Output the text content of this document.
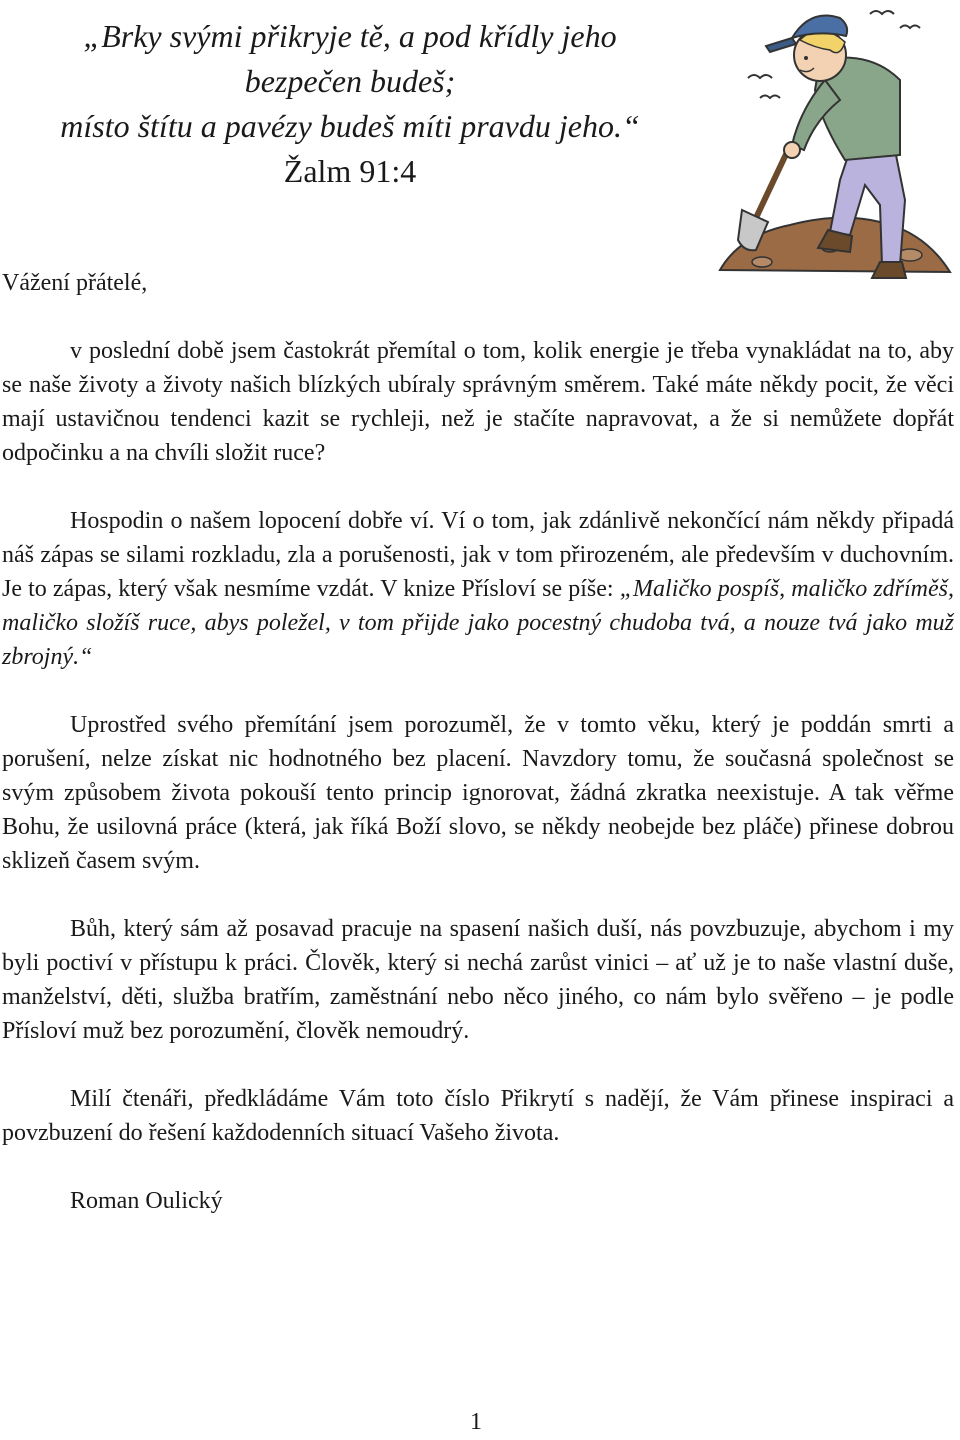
„Brky svými přikryje tě, a pod křídly jeho
bezpečen budeš;
místo štítu a pavézy budeš míti pravdu jeho.“
Žalm 91:4
Vážení přátelé,

v poslední době jsem častokrát přemítal o tom, kolik energie je třeba vynakládat na to, aby se naše životy a životy našich blízkých ubíraly správným směrem. Také máte někdy pocit, že věci mají ustavičnou tendenci kazit se rychleji, než je stačíte napravovat, a že si nemůžete dopřát odpočinku a na chvíli složit ruce?

Hospodin o našem lopocení dobře ví. Ví o tom, jak zdánlivě nekončící nám někdy připadá náš zápas se silami rozkladu, zla a porušenosti, jak v tom přirozeném, ale především v duchovním. Je to zápas, který však nesmíme vzdát. V knize Přísloví se píše: „Maličko pospíš, maličko zdříměš, maličko složíš ruce, abys poležel, v tom přijde jako pocestný chudoba tvá, a nouze tvá jako muž zbrojný.“

Uprostřed svého přemítání jsem porozuměl, že v tomto věku, který je poddán smrti a porušení, nelze získat nic hodnotného bez placení. Navzdory tomu, že současná společnost se svým způsobem života pokouší tento princip ignorovat, žádná zkratka neexistuje. A tak věřme Bohu, že usilovná práce (která, jak říká Boží slovo, se někdy neobejde bez pláče) přinese dobrou sklizeň časem svým.

Bůh, který sám až posavad pracuje na spasení našich duší, nás povzbuzuje, abychom i my byli poctiví v přístupu k práci. Člověk, který si nechá zarůst vinici – ať už je to naše vlastní duše, manželství, děti, služba bratřím, zaměstnání nebo něco jiného, co nám bylo svěřeno – je podle Přísloví muž bez porozumění, člověk nemoudrý.

Milí čtenáři, předkládáme Vám toto číslo Přikrytí s nadějí, že Vám přinese inspiraci a povzbuzení do řešení každodenních situací Vašeho života.

Roman Oulický

1
